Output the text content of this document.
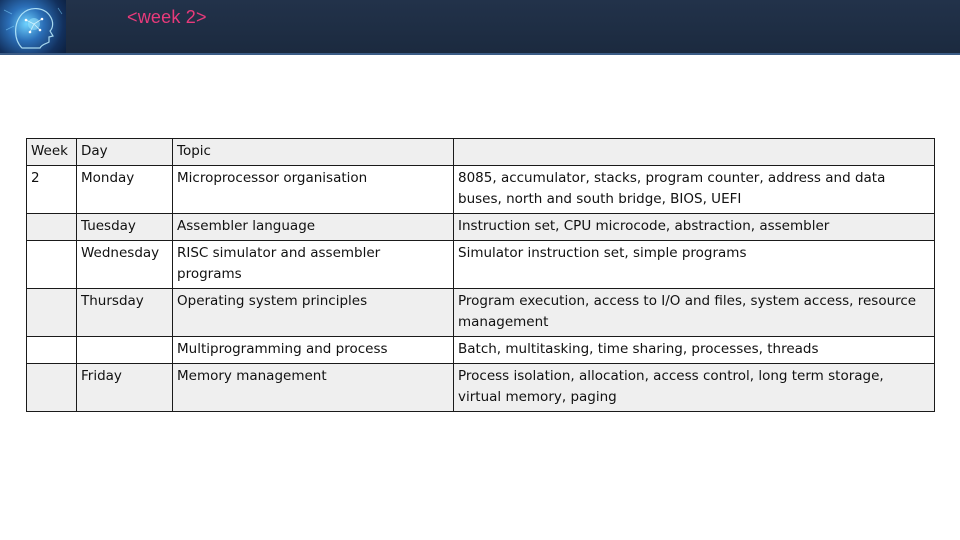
<week 2>
Week	Day	Topic	
2	Monday	Microprocessor organisation	8085, accumulator, stacks, program counter, address and data buses, north and south bridge, BIOS, UEFI
	Tuesday	Assembler language	Instruction set, CPU microcode, abstraction, assembler
	Wednesday	RISC simulator and assembler programs	Simulator instruction set, simple programs
	Thursday	Operating system principles	Program execution, access to I/O and files, system access, resource management
		Multiprogramming and process	Batch, multitasking, time sharing, processes, threads
	Friday	Memory management	Process isolation, allocation, access control, long term storage, virtual memory, paging
